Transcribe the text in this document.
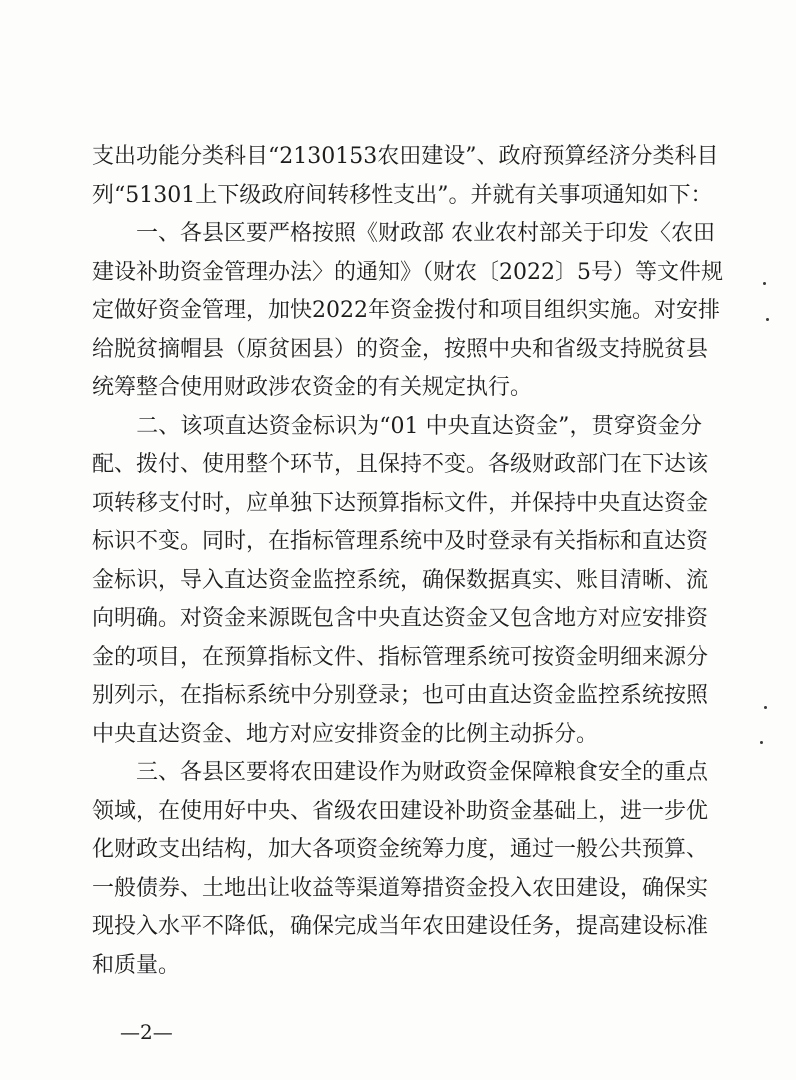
支出功能分类科目“2130153农田建设”、政府预算经济分类科目
列“51301上下级政府间转移性支出”。并就有关事项通知如下：
　　一、各县区要严格按照《财政部 农业农村部关于印发〈农田
建设补助资金管理办法〉的通知》（财农〔2022〕5号）等文件规
定做好资金管理，加快2022年资金拨付和项目组织实施。对安排
给脱贫摘帽县（原贫困县）的资金，按照中央和省级支持脱贫县
统筹整合使用财政涉农资金的有关规定执行。
　　二、该项直达资金标识为“01 中央直达资金”，贯穿资金分
配、拨付、使用整个环节，且保持不变。各级财政部门在下达该
项转移支付时，应单独下达预算指标文件，并保持中央直达资金
标识不变。同时，在指标管理系统中及时登录有关指标和直达资
金标识，导入直达资金监控系统，确保数据真实、账目清晰、流
向明确。对资金来源既包含中央直达资金又包含地方对应安排资
金的项目，在预算指标文件、指标管理系统可按资金明细来源分
别列示，在指标系统中分别登录；也可由直达资金监控系统按照
中央直达资金、地方对应安排资金的比例主动拆分。
　　三、各县区要将农田建设作为财政资金保障粮食安全的重点
领域，在使用好中央、省级农田建设补助资金基础上，进一步优
化财政支出结构，加大各项资金统筹力度，通过一般公共预算、
一般债券、土地出让收益等渠道筹措资金投入农田建设，确保实
现投入水平不降低，确保完成当年农田建设任务，提高建设标准
和质量。
—2—
